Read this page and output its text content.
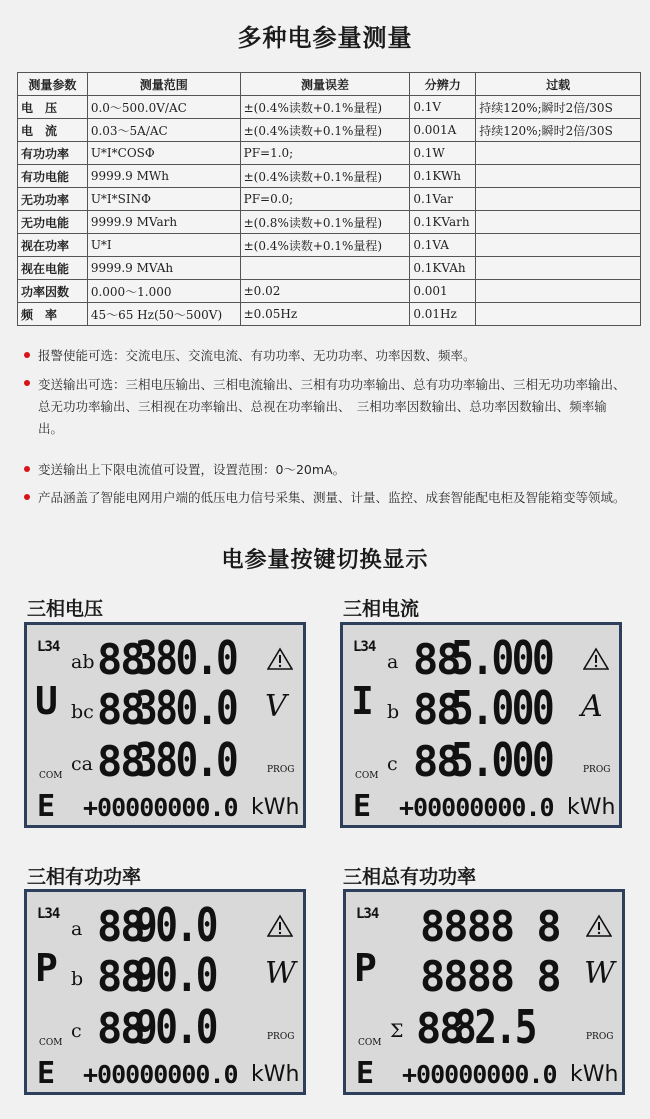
多种电参量测量
测量参数	测量范围	测量误差	分辨力	过载
电　压	0.0～500.0V/AC	±(0.4%读数+0.1%量程)	0.1V	持续120%;瞬时2倍/30S
电　流	0.03～5A/AC	±(0.4%读数+0.1%量程)	0.001A	持续120%;瞬时2倍/30S
有功功率	U*I*COSΦ	PF=1.0;	0.1W	
有功电能	9999.9 MWh	±(0.4%读数+0.1%量程)	0.1KWh	
无功功率	U*I*SINΦ	PF=0.0;	0.1Var	
无功电能	9999.9 MVarh	±(0.8%读数+0.1%量程)	0.1KVarh	
视在功率	U*I	±(0.4%读数+0.1%量程)	0.1VA	
视在电能	9999.9 MVAh		0.1KVAh	
功率因数	0.000～1.000	±0.02	0.001	
频　率	45～65 Hz(50～500V)	±0.05Hz	0.01Hz	
报警使能可选：交流电压、交流电流、有功功率、无功功率、功率因数、频率。
变送输出可选：三相电压输出、三相电流输出、三相有功功率输出、总有功功率输出、三相无功功率输出、总无功功率输出、三相视在功率输出、总视在功率输出、　三相功率因数输出、总功率因数输出、频率输出。
变送输出上下限电流值可设置，设置范围：0～20mA。
产品涵盖了智能电网用户端的低压电力信号采集、测量、计量、监控、成套智能配电柜及智能箱变等领域。
电参量按键切换显示
三相电压
L34
U
ab 88
380.0
bc 88
380.0
ca 88
380.0
V
COM
PROG
E +00000000.0 kWh
三相电流
L34
I
a 88
5.000
b 88
5.000
c 88
5.000
A
COM
PROG
E +00000000.0 kWh
三相有功功率
L34
P
a 88
90.0
b 88
90.0
c 88
90.0
W
COM
PROG
E +00000000.0 kWh
三相总有功功率
L34
P
8888 8
8888 8
Σ 88
82.5
W
COM
PROG
E +00000000.0 kWh
